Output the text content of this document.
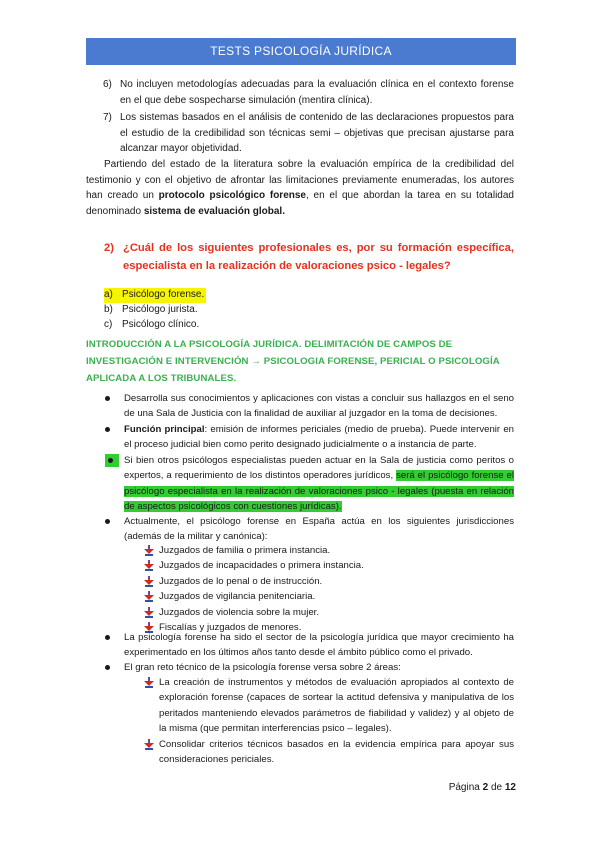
TESTS PSICOLOGÍA JURÍDICA
6) No incluyen metodologías adecuadas para la evaluación clínica en el contexto forense en el que debe sospecharse simulación (mentira clínica).
7) Los sistemas basados en el análisis de contenido de las declaraciones propuestos para el estudio de la credibilidad son técnicas semi – objetivas que precisan ajustarse para alcanzar mayor objetividad.
Partiendo del estado de la literatura sobre la evaluación empírica de la credibilidad del testimonio y con el objetivo de afrontar las limitaciones previamente enumeradas, los autores han creado un protocolo psicológico forense, en el que abordan la tarea en su totalidad denominado sistema de evaluación global.
2) ¿Cuál de los siguientes profesionales es, por su formación específica, especialista en la realización de valoraciones psico - legales?
a) Psicólogo forense.
b) Psicólogo jurista.
c) Psicólogo clínico.
INTRODUCCIÓN A LA PSICOLOGÍA JURÍDICA. DELIMITACIÓN DE CAMPOS DE
INVESTIGACIÓN E INTERVENCIÓN → PSICOLOGIA FORENSE, PERICIAL O PSICOLOGÍA
APLICADA A LOS TRIBUNALES.
Desarrolla sus conocimientos y aplicaciones con vistas a concluir sus hallazgos en el seno de una Sala de Justicia con la finalidad de auxiliar al juzgador en la toma de decisiones.
Función principal: emisión de informes periciales (medio de prueba). Puede intervenir en el proceso judicial bien como perito designado judicialmente o a instancia de parte.
Si bien otros psicólogos especialistas pueden actuar en la Sala de justicia como peritos o expertos, a requerimiento de los distintos operadores jurídicos, será el psicólogo forense el psicólogo especialista en la realización de valoraciones psico - legales (puesta en relación de aspectos psicológicos con cuestiones jurídicas).
Actualmente, el psicólogo forense en España actúa en los siguientes jurisdicciones (además de la militar y canónica):
Juzgados de familia o primera instancia.
Juzgados de incapacidades o primera instancia.
Juzgados de lo penal o de instrucción.
Juzgados de vigilancia penitenciaria.
Juzgados de violencia sobre la mujer.
Fiscalías y juzgados de menores.
La psicología forense ha sido el sector de la psicología jurídica que mayor crecimiento ha experimentado en los últimos años tanto desde el ámbito público como el privado.
El gran reto técnico de la psicología forense versa sobre 2 áreas:
La creación de instrumentos y métodos de evaluación apropiados al contexto de exploración forense (capaces de sortear la actitud defensiva y manipulativa de los peritados manteniendo elevados parámetros de fiabilidad y validez) y al objeto de la misma (que permitan interferencias psico – legales).
Consolidar criterios técnicos basados en la evidencia empírica para apoyar sus consideraciones periciales.
Página 2 de 12
